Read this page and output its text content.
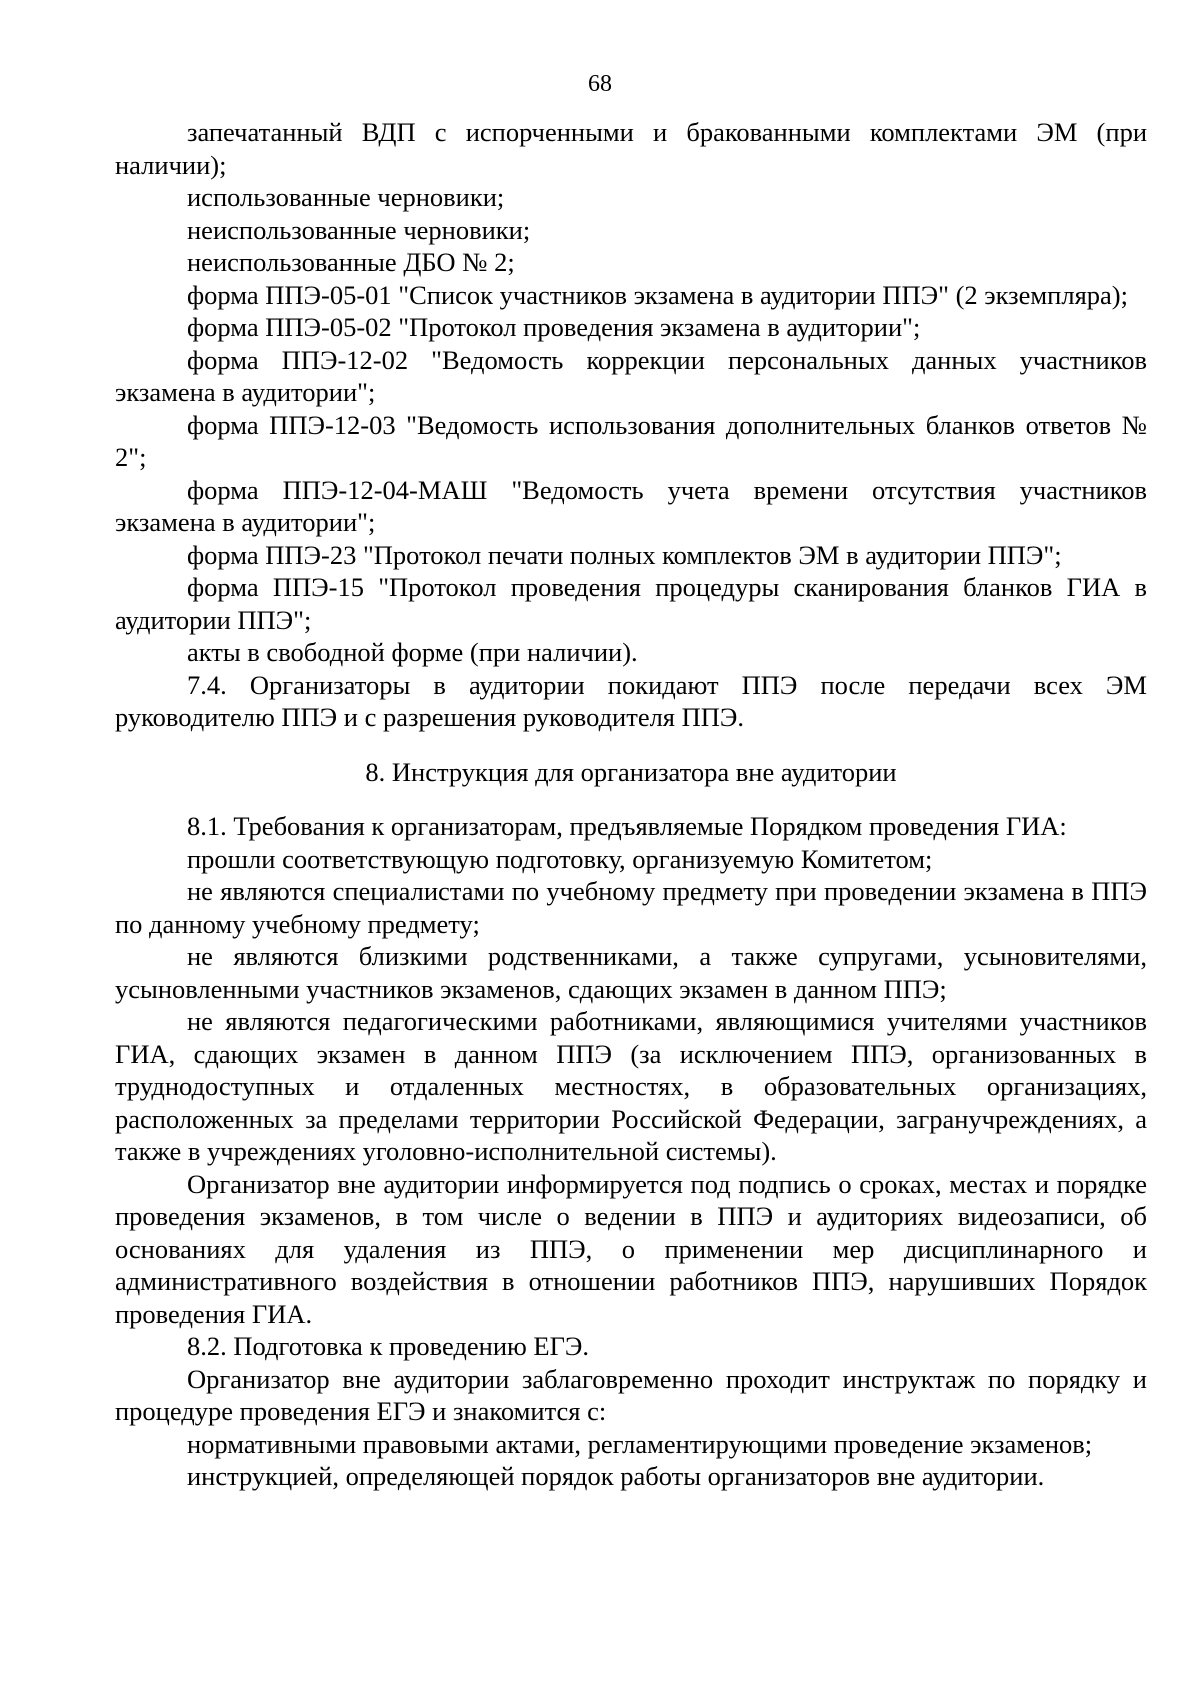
68

запечатанный ВДП с испорченными и бракованными комплектами ЭМ (при наличии);

использованные черновики;

неиспользованные черновики;

неиспользованные ДБО № 2;

форма ППЭ-05-01 "Список участников экзамена в аудитории ППЭ" (2 экземпляра);

форма ППЭ-05-02 "Протокол проведения экзамена в аудитории";

форма ППЭ-12-02 "Ведомость коррекции персональных данных участников экзамена в аудитории";

форма ППЭ-12-03 "Ведомость использования дополнительных бланков ответов № 2";

форма ППЭ-12-04-МАШ "Ведомость учета времени отсутствия участников экзамена в аудитории";

форма ППЭ-23 "Протокол печати полных комплектов ЭМ в аудитории ППЭ";

форма ППЭ-15 "Протокол проведения процедуры сканирования бланков ГИА в аудитории ППЭ";

акты в свободной форме (при наличии).

7.4. Организаторы в аудитории покидают ППЭ после передачи всех ЭМ руководителю ППЭ и с разрешения руководителя ППЭ.

8. Инструкция для организатора вне аудитории

8.1. Требования к организаторам, предъявляемые Порядком проведения ГИА:

прошли соответствующую подготовку, организуемую Комитетом;

не являются специалистами по учебному предмету при проведении экзамена в ППЭ по данному учебному предмету;

не являются близкими родственниками, а также супругами, усыновителями, усыновленными участников экзаменов, сдающих экзамен в данном ППЭ;

не являются педагогическими работниками, являющимися учителями участников ГИА, сдающих экзамен в данном ППЭ (за исключением ППЭ, организованных в труднодоступных и отдаленных местностях, в образовательных организациях, расположенных за пределами территории Российской Федерации, загранучреждениях, а также в учреждениях уголовно-исполнительной системы).

Организатор вне аудитории информируется под подпись о сроках, местах и порядке проведения экзаменов, в том числе о ведении в ППЭ и аудиториях видеозаписи, об основаниях для удаления из ППЭ, о применении мер дисциплинарного и административного воздействия в отношении работников ППЭ, нарушивших Порядок проведения ГИА.

8.2. Подготовка к проведению ЕГЭ.

Организатор вне аудитории заблаговременно проходит инструктаж по порядку и процедуре проведения ЕГЭ и знакомится с:

нормативными правовыми актами, регламентирующими проведение экзаменов;

инструкцией, определяющей порядок работы организаторов вне аудитории.
